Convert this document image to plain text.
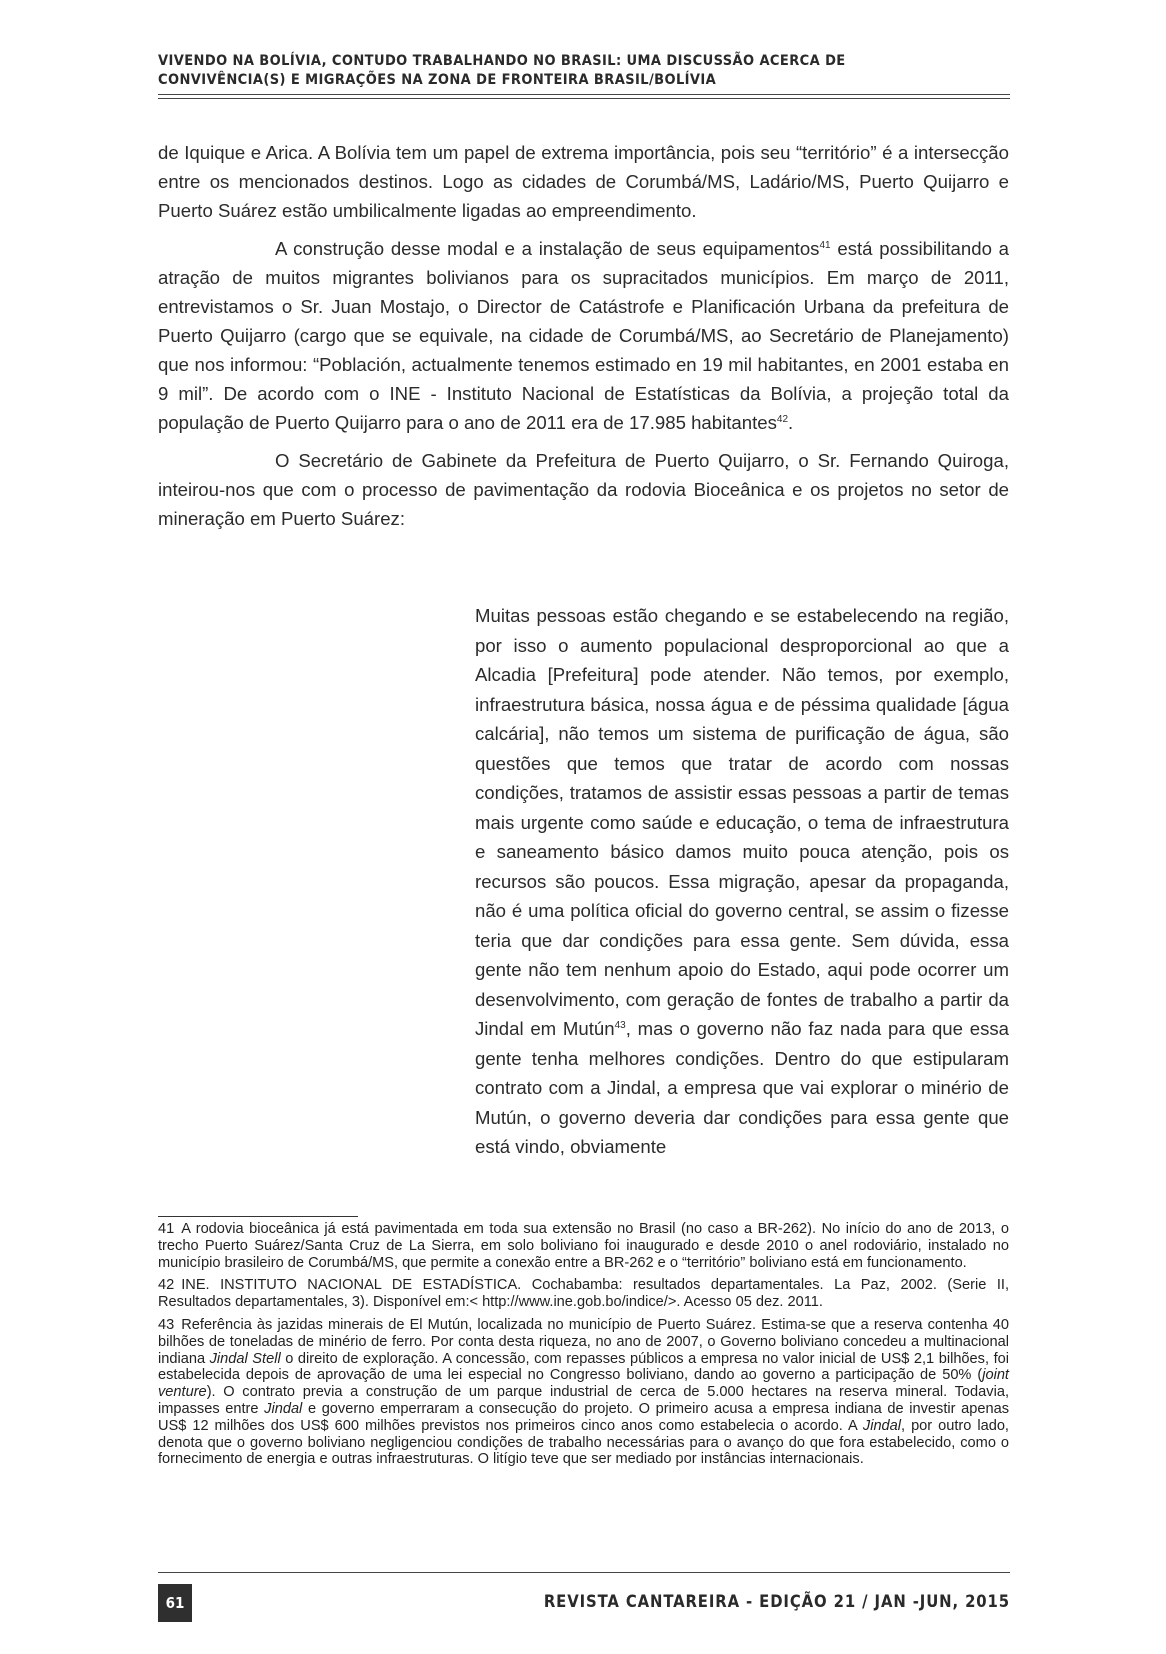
VIVENDO NA BOLÍVIA, CONTUDO TRABALHANDO NO BRASIL: UMA DISCUSSÃO ACERCA DE
CONVIVÊNCIA(S) E MIGRAÇÕES NA ZONA DE FRONTEIRA BRASIL/BOLÍVIA

de Iquique e Arica. A Bolívia tem um papel de extrema importância, pois seu “território” é a intersecção entre os mencionados destinos. Logo as cidades de Corumbá/MS, Ladário/MS, Puerto Quijarro e Puerto Suárez estão umbilicalmente ligadas ao empreendimento.

A construção desse modal e a instalação de seus equipamentos$^{41}$ está possibilitando a atração de muitos migrantes bolivianos para os supracitados municípios. Em março de 2011, entrevistamos o Sr. Juan Mostajo, o Director de Catástrofe e Planificación Urbana da prefeitura de Puerto Quijarro (cargo que se equivale, na cidade de Corumbá/MS, ao Secretário de Planejamento) que nos informou: “Población, actualmente tenemos estimado en 19 mil habitantes, en 2001 estaba en 9 mil”. De acordo com o INE - Instituto Nacional de Estatísticas da Bolívia, a projeção total da população de Puerto Quijarro para o ano de 2011 era de 17.985 habitantes$^{42}$.

O Secretário de Gabinete da Prefeitura de Puerto Quijarro, o Sr. Fernando Quiroga, inteirou-nos que com o processo de pavimentação da rodovia Bioceânica e os projetos no setor de mineração em Puerto Suárez:

Muitas pessoas estão chegando e se estabelecendo na região, por isso o aumento populacional desproporcional ao que a Alcadia [Prefeitura] pode atender. Não temos, por exemplo, infraestrutura básica, nossa água e de péssima qualidade [água calcária], não temos um sistema de purificação de água, são questões que temos que tratar de acordo com nossas condições, tratamos de assistir essas pessoas a partir de temas mais urgente como saúde e educação, o tema de infraestrutura e saneamento básico damos muito pouca atenção, pois os recursos são poucos. Essa migração, apesar da propaganda, não é uma política oficial do governo central, se assim o fizesse teria que dar condições para essa gente. Sem dúvida, essa gente não tem nenhum apoio do Estado, aqui pode ocorrer um desenvolvimento, com geração de fontes de trabalho a partir da Jindal em Mutún$^{43}$, mas o governo não faz nada para que essa gente tenha melhores condições. Dentro do que estipularam contrato com a Jindal, a empresa que vai explorar o minério de Mutún, o governo deveria dar condições para essa gente que está vindo, obviamente

41 A rodovia bioceânica já está pavimentada em toda sua extensão no Brasil (no caso a BR-262). No início do ano de 2013, o trecho Puerto Suárez/Santa Cruz de La Sierra, em solo boliviano foi inaugurado e desde 2010 o anel rodoviário, instalado no município brasileiro de Corumbá/MS, que permite a conexão entre a BR-262 e o “território” boliviano está em funcionamento.

42 INE. INSTITUTO NACIONAL DE ESTADÍSTICA. Cochabamba: resultados departamentales. La Paz, 2002. (Serie II, Resultados departamentales, 3). Disponível em:< http://www.ine.gob.bo/indice/>. Acesso 05 dez. 2011.

43 Referência às jazidas minerais de El Mutún, localizada no município de Puerto Suárez. Estima-se que a reserva contenha 40 bilhões de toneladas de minério de ferro. Por conta desta riqueza, no ano de 2007, o Governo boliviano concedeu a multinacional indiana Jindal Stell o direito de exploração. A concessão, com repasses públicos a empresa no valor inicial de US$ 2,1 bilhões, foi estabelecida depois de aprovação de uma lei especial no Congresso boliviano, dando ao governo a participação de 50% (joint venture). O contrato previa a construção de um parque industrial de cerca de 5.000 hectares na reserva mineral. Todavia, impasses entre Jindal e governo emperraram a consecução do projeto. O primeiro acusa a empresa indiana de investir apenas US$ 12 milhões dos US$ 600 milhões previstos nos primeiros cinco anos como estabelecia o acordo. A Jindal, por outro lado, denota que o governo boliviano negligenciou condições de trabalho necessárias para o avanço do que fora estabelecido, como o fornecimento de energia e outras infraestruturas. O litígio teve que ser mediado por instâncias internacionais.

61	REVISTA CANTAREIRA - EDIÇÃO 21 / JAN -JUN, 2015
